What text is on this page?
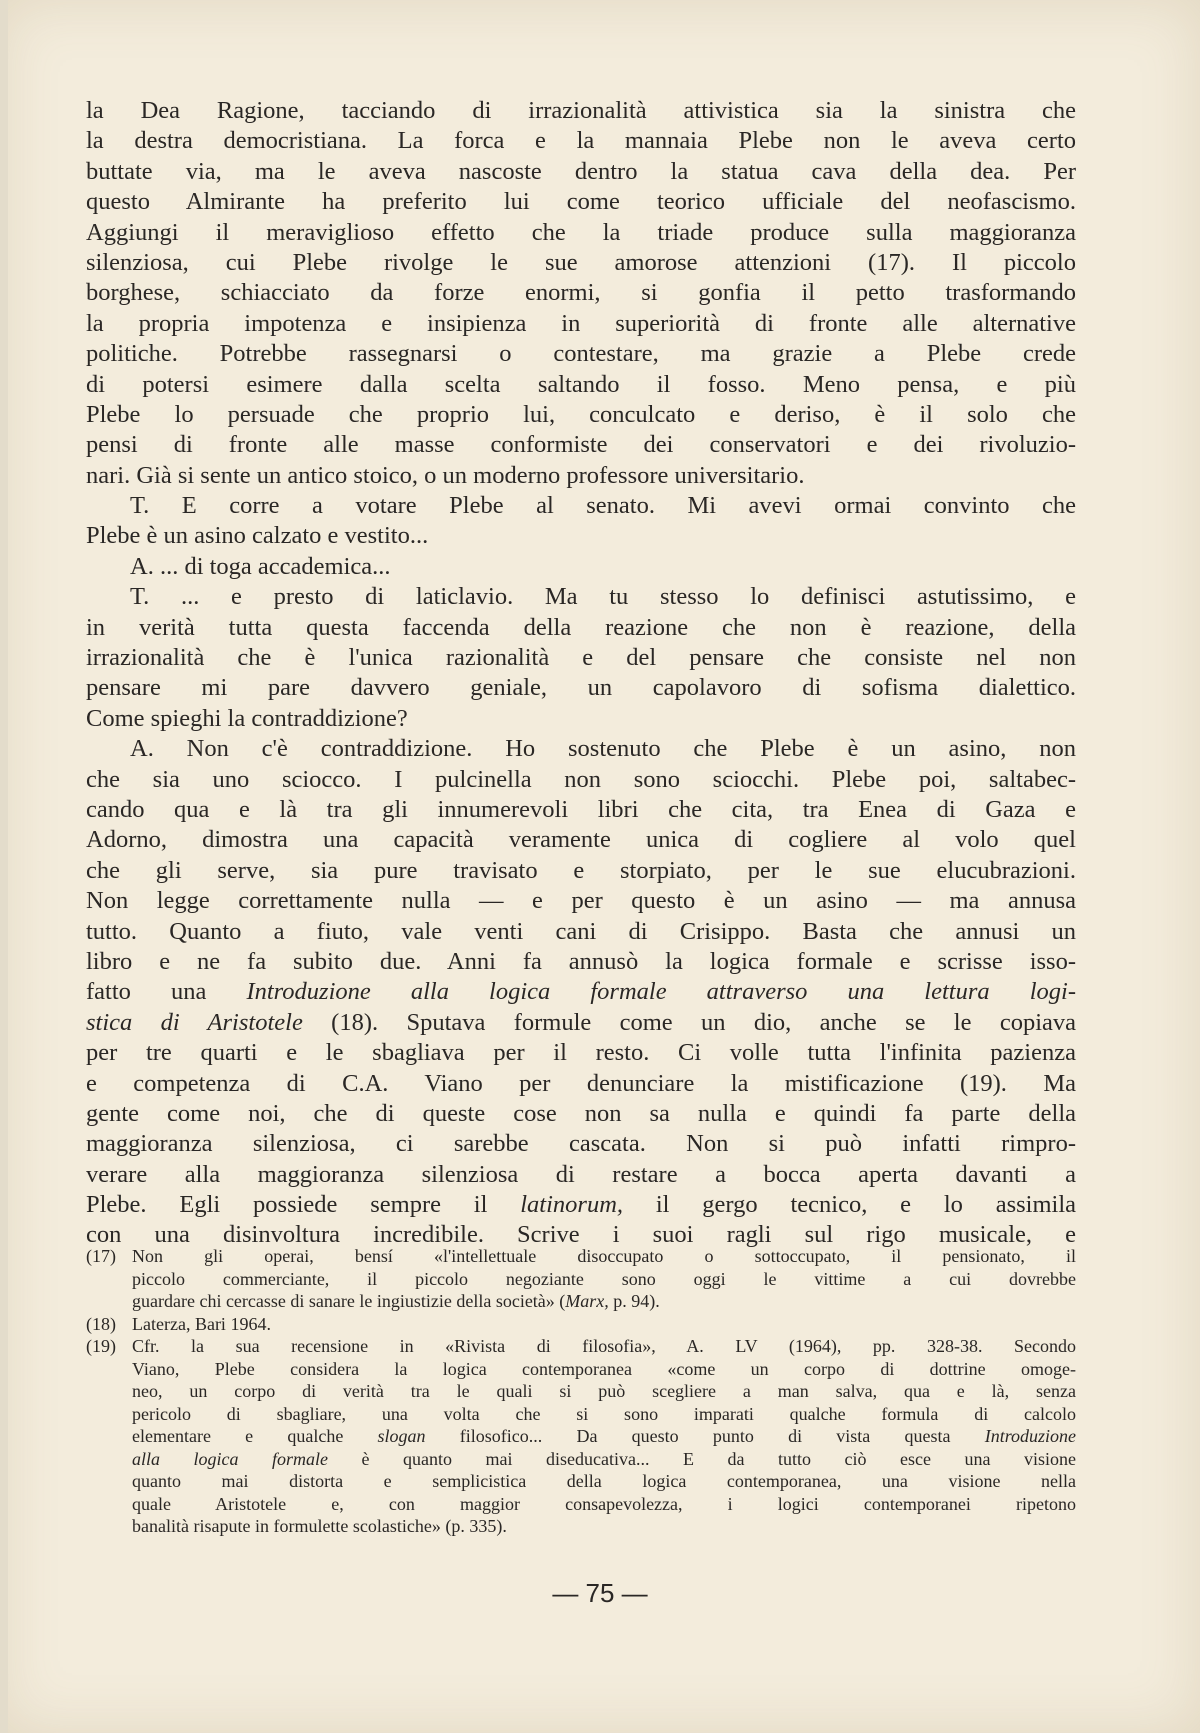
la Dea Ragione, tacciando di irrazionalità attivistica sia la sinistra che
la destra democristiana. La forca e la mannaia Plebe non le aveva certo
buttate via, ma le aveva nascoste dentro la statua cava della dea. Per
questo Almirante ha preferito lui come teorico ufficiale del neofascismo.
Aggiungi il meraviglioso effetto che la triade produce sulla maggioranza
silenziosa, cui Plebe rivolge le sue amorose attenzioni (17). Il piccolo
borghese, schiacciato da forze enormi, si gonfia il petto trasformando
la propria impotenza e insipienza in superiorità di fronte alle alternative
politiche. Potrebbe rassegnarsi o contestare, ma grazie a Plebe crede
di potersi esimere dalla scelta saltando il fosso. Meno pensa, e più
Plebe lo persuade che proprio lui, conculcato e deriso, è il solo che
pensi di fronte alle masse conformiste dei conservatori e dei rivoluzio-
nari. Già si sente un antico stoico, o un moderno professore universitario.
T. E corre a votare Plebe al senato. Mi avevi ormai convinto che
Plebe è un asino calzato e vestito...
A. ... di toga accademica...
T. ... e presto di laticlavio. Ma tu stesso lo definisci astutissimo, e
in verità tutta questa faccenda della reazione che non è reazione, della
irrazionalità che è l'unica razionalità e del pensare che consiste nel non
pensare mi pare davvero geniale, un capolavoro di sofisma dialettico.
Come spieghi la contraddizione?
A. Non c'è contraddizione. Ho sostenuto che Plebe è un asino, non
che sia uno sciocco. I pulcinella non sono sciocchi. Plebe poi, saltabec-
cando qua e là tra gli innumerevoli libri che cita, tra Enea di Gaza e
Adorno, dimostra una capacità veramente unica di cogliere al volo quel
che gli serve, sia pure travisato e storpiato, per le sue elucubrazioni.
Non legge correttamente nulla — e per questo è un asino — ma annusa
tutto. Quanto a fiuto, vale venti cani di Crisippo. Basta che annusi un
libro e ne fa subito due. Anni fa annusò la logica formale e scrisse isso-
fatto una Introduzione alla logica formale attraverso una lettura logi-
stica di Aristotele (18). Sputava formule come un dio, anche se le copiava
per tre quarti e le sbagliava per il resto. Ci volle tutta l'infinita pazienza
e competenza di C.A. Viano per denunciare la mistificazione (19). Ma
gente come noi, che di queste cose non sa nulla e quindi fa parte della
maggioranza silenziosa, ci sarebbe cascata. Non si può infatti rimpro-
verare alla maggioranza silenziosa di restare a bocca aperta davanti a
Plebe. Egli possiede sempre il latinorum, il gergo tecnico, e lo assimila
con una disinvoltura incredibile. Scrive i suoi ragli sul rigo musicale, e
(17) Non gli operai, bensí «l'intellettuale disoccupato o sottoccupato, il pensionato, il
piccolo commerciante, il piccolo negoziante sono oggi le vittime a cui dovrebbe
guardare chi cercasse di sanare le ingiustizie della società» (Marx, p. 94).
(18) Laterza, Bari 1964.
(19) Cfr. la sua recensione in «Rivista di filosofia», A. LV (1964), pp. 328-38. Secondo
Viano, Plebe considera la logica contemporanea «come un corpo di dottrine omoge-
neo, un corpo di verità tra le quali si può scegliere a man salva, qua e là, senza
pericolo di sbagliare, una volta che si sono imparati qualche formula di calcolo
elementare e qualche slogan filosofico... Da questo punto di vista questa Introduzione
alla logica formale è quanto mai diseducativa... E da tutto ciò esce una visione
quanto mai distorta e semplicistica della logica contemporanea, una visione nella
quale Aristotele e, con maggior consapevolezza, i logici contemporanei ripetono
banalità risapute in formulette scolastiche» (p. 335).
— 75 —
